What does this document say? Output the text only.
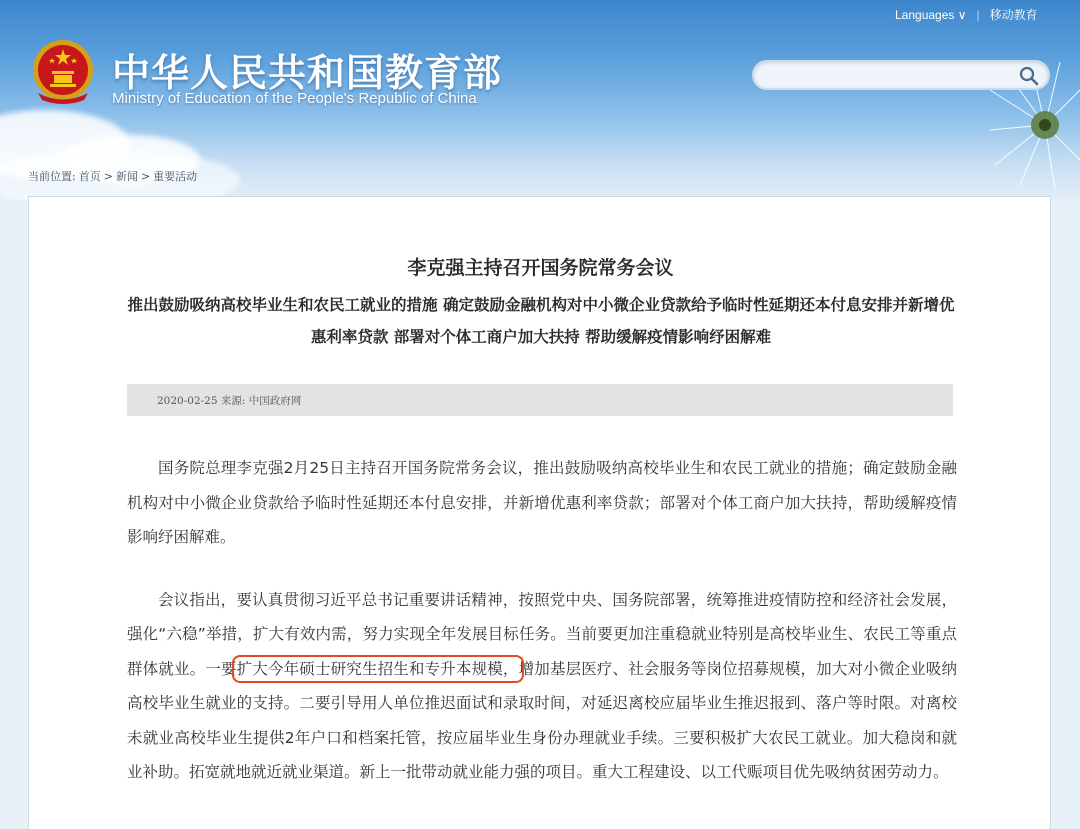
中华人民共和国教育部
Ministry of Education of the People's Republic of China
Languages ∨ | 移动教育
当前位置: 首页 > 新闻 > 重要活动
李克强主持召开国务院常务会议
推出鼓励吸纳高校毕业生和农民工就业的措施 确定鼓励金融机构对中小微企业贷款给予临时性延期还本付息安排并新增优惠利率贷款 部署对个体工商户加大扶持 帮助缓解疫情影响纾困解难
2020-02-25 来源: 中国政府网

国务院总理李克强2月25日主持召开国务院常务会议，推出鼓励吸纳高校毕业生和农民工就业的措施；确定鼓励金融机构对中小微企业贷款给予临时性延期还本付息安排，并新增优惠利率贷款；部署对个体工商户加大扶持，帮助缓解疫情影响纾困解难。

会议指出，要认真贯彻习近平总书记重要讲话精神，按照党中央、国务院部署，统筹推进疫情防控和经济社会发展，强化“六稳”举措，扩大有效内需，努力实现全年发展目标任务。当前要更加注重稳就业特别是高校毕业生、农民工等重点群体就业。一要扩大今年硕士研究生招生和专升本规模，增加基层医疗、社会服务等岗位招募规模，加大对小微企业吸纳高校毕业生就业的支持。二要引导用人单位推迟面试和录取时间，对延迟离校应届毕业生推迟报到、落户等时限。对离校未就业高校毕业生提供2年户口和档案托管，按应届毕业生身份办理就业手续。三要积极扩大农民工就业。加大稳岗和就业补助。拓宽就地就近就业渠道。新上一批带动就业能力强的项目。重大工程建设、以工代赈项目优先吸纳贫困劳动力。
